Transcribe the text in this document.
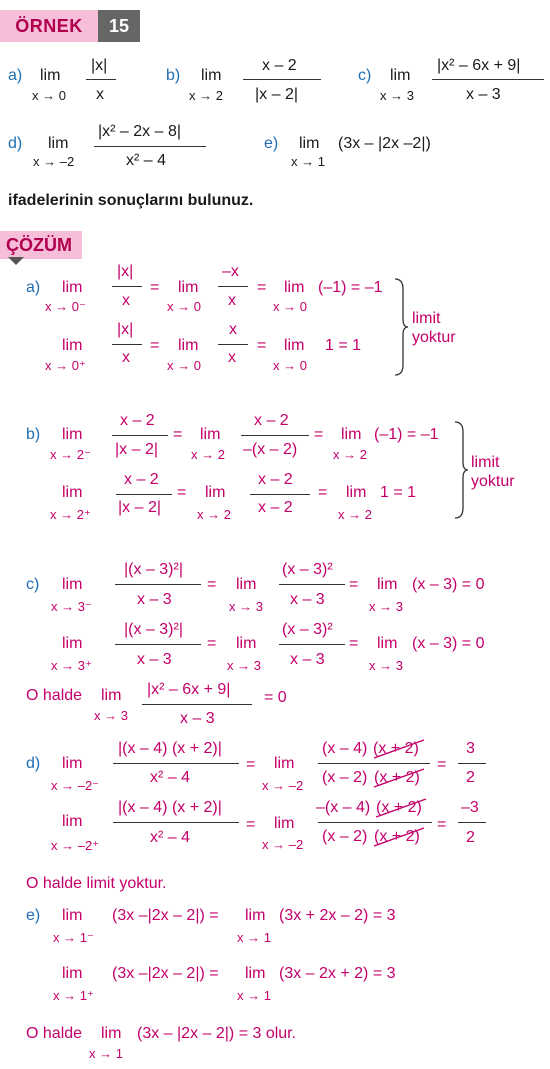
ÖRNEK	15
a) lim
x → 0
|x|
x
b) lim
x → 2
x – 2
|x – 2|
c) lim
x → 3
|x² – 6x + 9|
x – 3
d) lim
x → –2
|x² – 2x – 8|
x² – 4
e) lim
x → 1
(3x – |2x –2|)
ifadelerinin sonuçlarını bulunuz.
ÇÖZÜM
a) lim
x → 0⁻
|x|
x
= lim
x → 0
–x
x
= lim
x → 0
(–1) = –1
lim
x → 0⁺
|x|
x
= lim
x → 0
x
x
= lim
x → 0
1 = 1
limit
yoktur
b) lim
x → 2⁻
x – 2
|x – 2|
= lim
x → 2
x – 2
–(x – 2)
= lim
x → 2
(–1) = –1
lim
x → 2⁺
x – 2
|x – 2|
= lim
x → 2
x – 2
x – 2
= lim
x → 2
1 = 1
limit
yoktur
c) lim
x → 3⁻
|(x – 3)²|
x – 3
= lim
x → 3
(x – 3)²
x – 3
= lim
x → 3
(x – 3) = 0
lim
x → 3⁺
|(x – 3)²|
x – 3
= lim
x → 3
(x – 3)²
x – 3
= lim
x → 3
(x – 3) = 0
O halde lim
x → 3
|x² – 6x + 9|
x – 3
= 0
d) lim
x → –2⁻
|(x – 4) (x + 2)|
x² – 4
= lim
x → –2
(x – 4) (x + 2)
(x – 2) (x + 2)
=
3
2
lim
x → –2⁺
|(x – 4) (x + 2)|
x² – 4
= lim
x → –2
–(x – 4) (x + 2)
(x – 2) (x + 2)
=
–3
2
O halde limit yoktur.
e) lim
x → 1⁻
(3x –|2x – 2|) = lim
x → 1
(3x + 2x – 2) = 3
lim
x → 1⁺
(3x –|2x – 2|) = lim
x → 1
(3x – 2x + 2) = 3
O halde lim
x → 1
(3x – |2x – 2|) = 3 olur.
